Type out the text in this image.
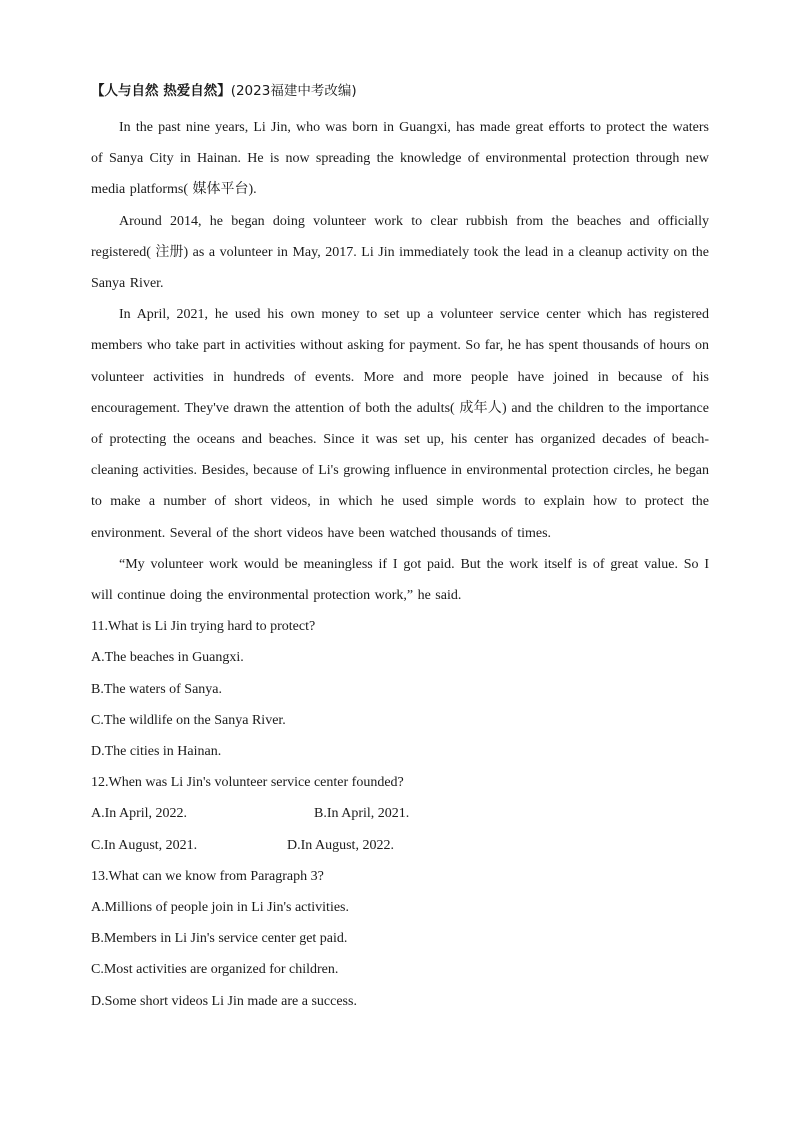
【人与自然 热爱自然】(2023福建中考改编)

In the past nine years, Li Jin, who was born in Guangxi, has made great efforts to protect the waters of Sanya City in Hainan. He is now spreading the knowledge of environmental protection through new media platforms( 媒体平台).

Around 2014, he began doing volunteer work to clear rubbish from the beaches and officially registered( 注册) as a volunteer in May, 2017. Li Jin immediately took the lead in a cleanup activity on the Sanya River.

In April, 2021, he used his own money to set up a volunteer service center which has registered members who take part in activities without asking for payment. So far, he has spent thousands of hours on volunteer activities in hundreds of events. More and more people have joined in because of his encouragement. They've drawn the attention of both the adults( 成年人) and the children to the importance of protecting the oceans and beaches. Since it was set up, his center has organized decades of beach-cleaning activities. Besides, because of Li's growing influence in environmental protection circles, he began to make a number of short videos, in which he used simple words to explain how to protect the environment. Several of the short videos have been watched thousands of times.

“My volunteer work would be meaningless if I got paid. But the work itself is of great value. So I will continue doing the environmental protection work,” he said.

11.What is Li Jin trying hard to protect?

A.The beaches in Guangxi.

B.The waters of Sanya.

C.The wildlife on the Sanya River.

D.The cities in Hainan.

12.When was Li Jin's volunteer service center founded?

A.In April, 2022.	B.In April, 2021.
C.In August, 2021.	D.In August, 2022.

13.What can we know from Paragraph 3?

A.Millions of people join in Li Jin's activities.

B.Members in Li Jin's service center get paid.

C.Most activities are organized for children.

D.Some short videos Li Jin made are a success.
